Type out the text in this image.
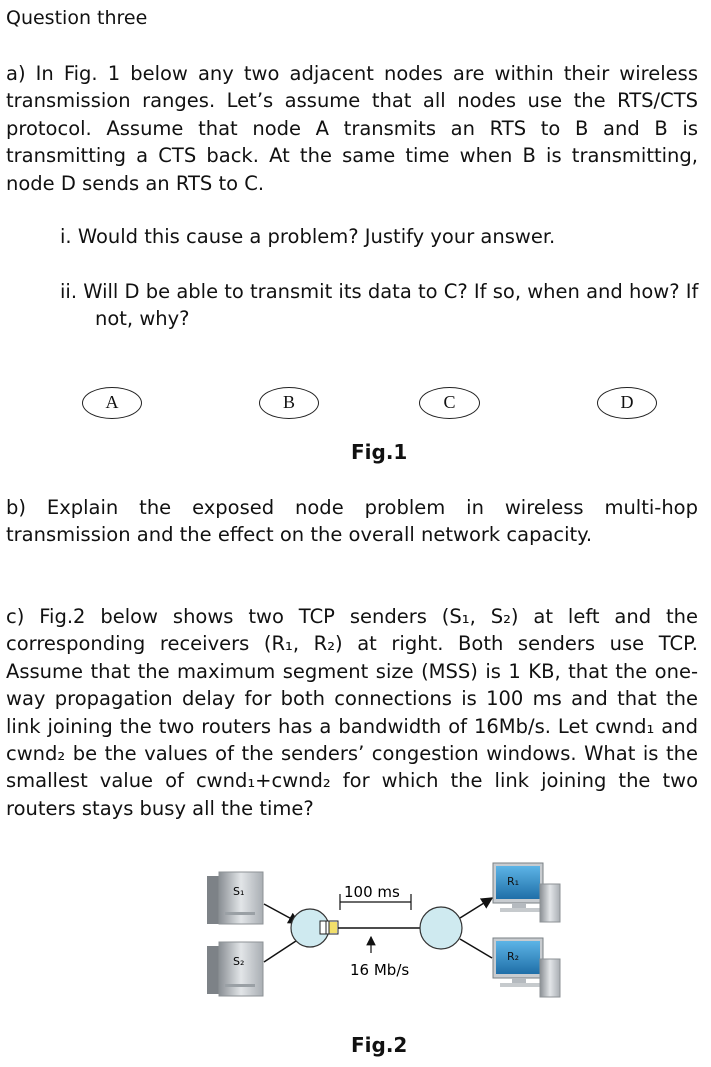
Question three
a) In Fig. 1 below any two adjacent nodes are within their wireless transmission ranges. Let’s assume that all nodes use the RTS/CTS protocol. Assume that node A transmits an RTS to B and B is transmitting a CTS back. At the same time when B is transmitting, node D sends an RTS to C.
i. Would this cause a problem? Justify your answer.
ii. Will D be able to transmit its data to C? If so, when and how? If not, why?
A	B	C	D
Fig.1
b) Explain the exposed node problem in wireless multi-hop transmission and the effect on the overall network capacity.
c) Fig.2 below shows two TCP senders (S₁, S₂) at left and the corresponding receivers (R₁, R₂) at right. Both senders use TCP. Assume that the maximum segment size (MSS) is 1 KB, that the one-way propagation delay for both connections is 100 ms and that the link joining the two routers has a bandwidth of 16Mb/s. Let cwnd₁ and cwnd₂ be the values of the senders’ congestion windows. What is the smallest value of cwnd₁+cwnd₂ for which the link joining the two routers stays busy all the time?
S₁
S₂
100 ms
16 Mb/s
R₁
R₂
Fig.2
